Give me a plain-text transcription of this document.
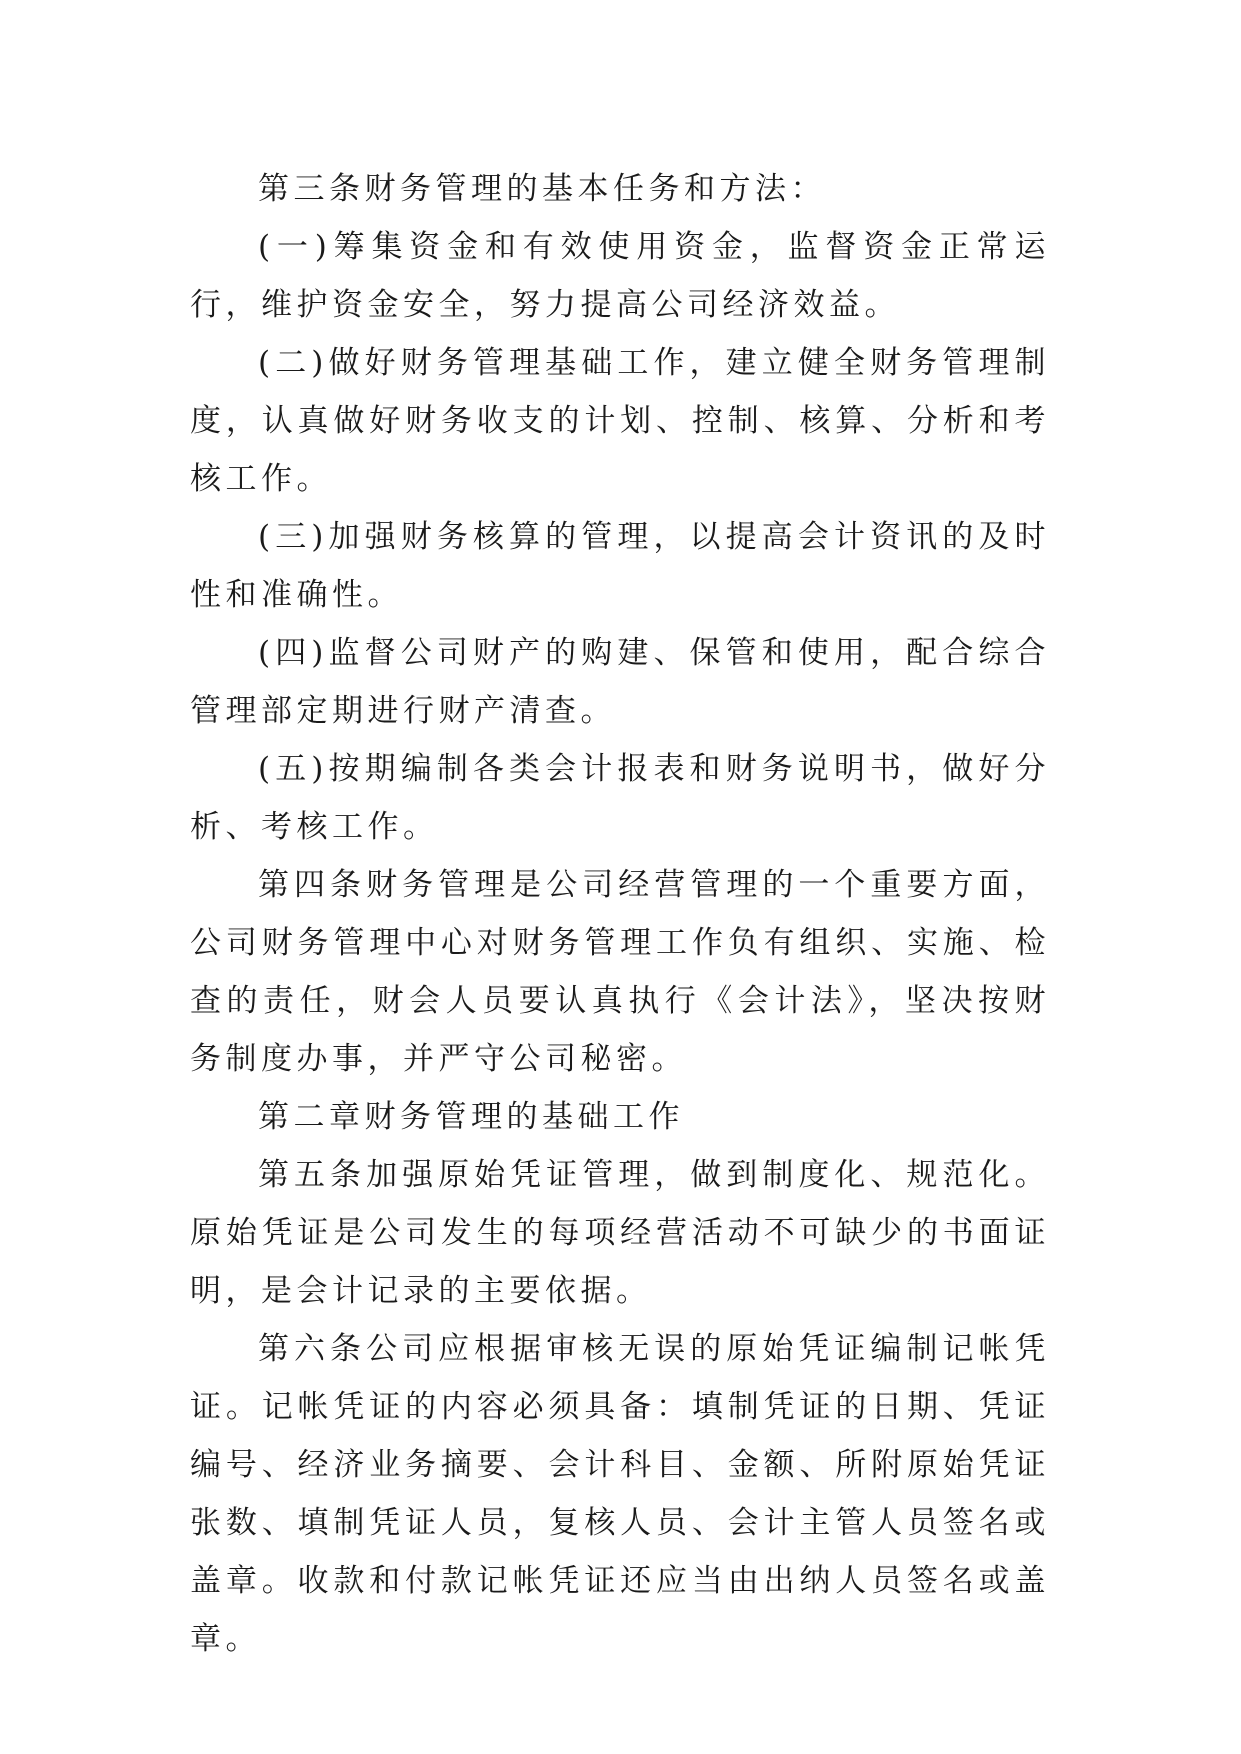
第三条财务管理的基本任务和方法：

(一)筹集资金和有效使用资金，监督资金正常运行，维护资金安全，努力提高公司经济效益。

(二)做好财务管理基础工作，建立健全财务管理制度，认真做好财务收支的计划、控制、核算、分析和考核工作。

(三)加强财务核算的管理，以提高会计资讯的及时性和准确性。

(四)监督公司财产的购建、保管和使用，配合综合管理部定期进行财产清查。

(五)按期编制各类会计报表和财务说明书，做好分析、考核工作。

第四条财务管理是公司经营管理的一个重要方面，公司财务管理中心对财务管理工作负有组织、实施、检查的责任，财会人员要认真执行《会计法》，坚决按财务制度办事，并严守公司秘密。

第二章财务管理的基础工作

第五条加强原始凭证管理，做到制度化、规范化。原始凭证是公司发生的每项经营活动不可缺少的书面证明，是会计记录的主要依据。

第六条公司应根据审核无误的原始凭证编制记帐凭证。记帐凭证的内容必须具备：填制凭证的日期、凭证编号、经济业务摘要、会计科目、金额、所附原始凭证张数、填制凭证人员，复核人员、会计主管人员签名或盖章。收款和付款记帐凭证还应当由出纳人员签名或盖章。
